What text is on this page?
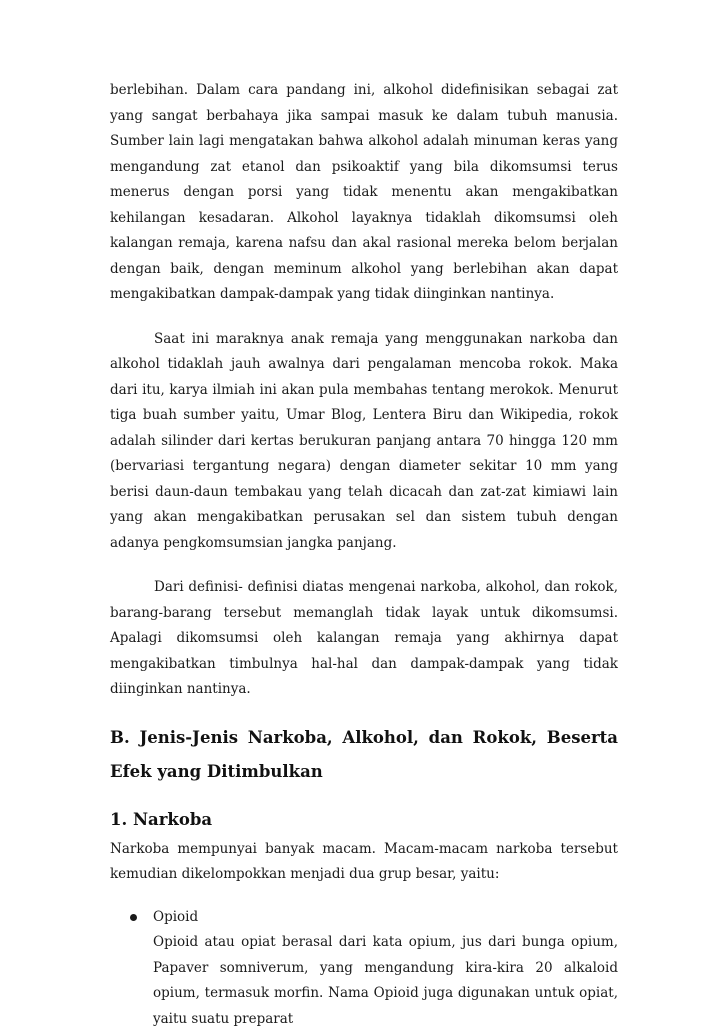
berlebihan. Dalam cara pandang ini, alkohol didefinisikan sebagai zat yang sangat berbahaya jika sampai masuk ke dalam tubuh manusia. Sumber lain lagi mengatakan bahwa alkohol adalah minuman keras yang mengandung zat etanol dan psikoaktif yang bila dikomsumsi terus menerus dengan porsi yang tidak menentu akan mengakibatkan kehilangan kesadaran. Alkohol layaknya tidaklah dikomsumsi oleh kalangan remaja, karena nafsu dan akal rasional mereka belom berjalan dengan baik, dengan meminum alkohol yang berlebihan akan dapat mengakibatkan dampak-dampak yang tidak diinginkan nantinya.

Saat ini maraknya anak remaja yang menggunakan narkoba dan alkohol tidaklah jauh awalnya dari pengalaman mencoba rokok. Maka dari itu, karya ilmiah ini akan pula membahas tentang merokok. Menurut tiga buah sumber yaitu, Umar Blog, Lentera Biru dan Wikipedia, rokok adalah silinder dari kertas berukuran panjang antara 70 hingga 120 mm (bervariasi tergantung negara) dengan diameter sekitar 10 mm yang berisi daun-daun tembakau yang telah dicacah dan zat-zat kimiawi lain yang akan mengakibatkan perusakan sel dan sistem tubuh dengan adanya pengkomsumsian jangka panjang.

Dari definisi- definisi diatas mengenai narkoba, alkohol, dan rokok, barang-barang tersebut memanglah tidak layak untuk dikomsumsi. Apalagi dikomsumsi oleh kalangan remaja yang akhirnya dapat mengakibatkan timbulnya hal-hal dan dampak-dampak yang tidak diinginkan nantinya.

B. Jenis-Jenis Narkoba, Alkohol, dan Rokok, Beserta Efek yang Ditimbulkan
1. Narkoba

Narkoba mempunyai banyak macam. Macam-macam narkoba tersebut kemudian dikelompokkan menjadi dua grup besar, yaitu:

Opioid

Opioid atau opiat berasal dari kata opium, jus dari bunga opium, Papaver somniverum, yang mengandung kira-kira 20 alkaloid opium, termasuk morfin. Nama Opioid juga digunakan untuk opiat, yaitu suatu preparat
